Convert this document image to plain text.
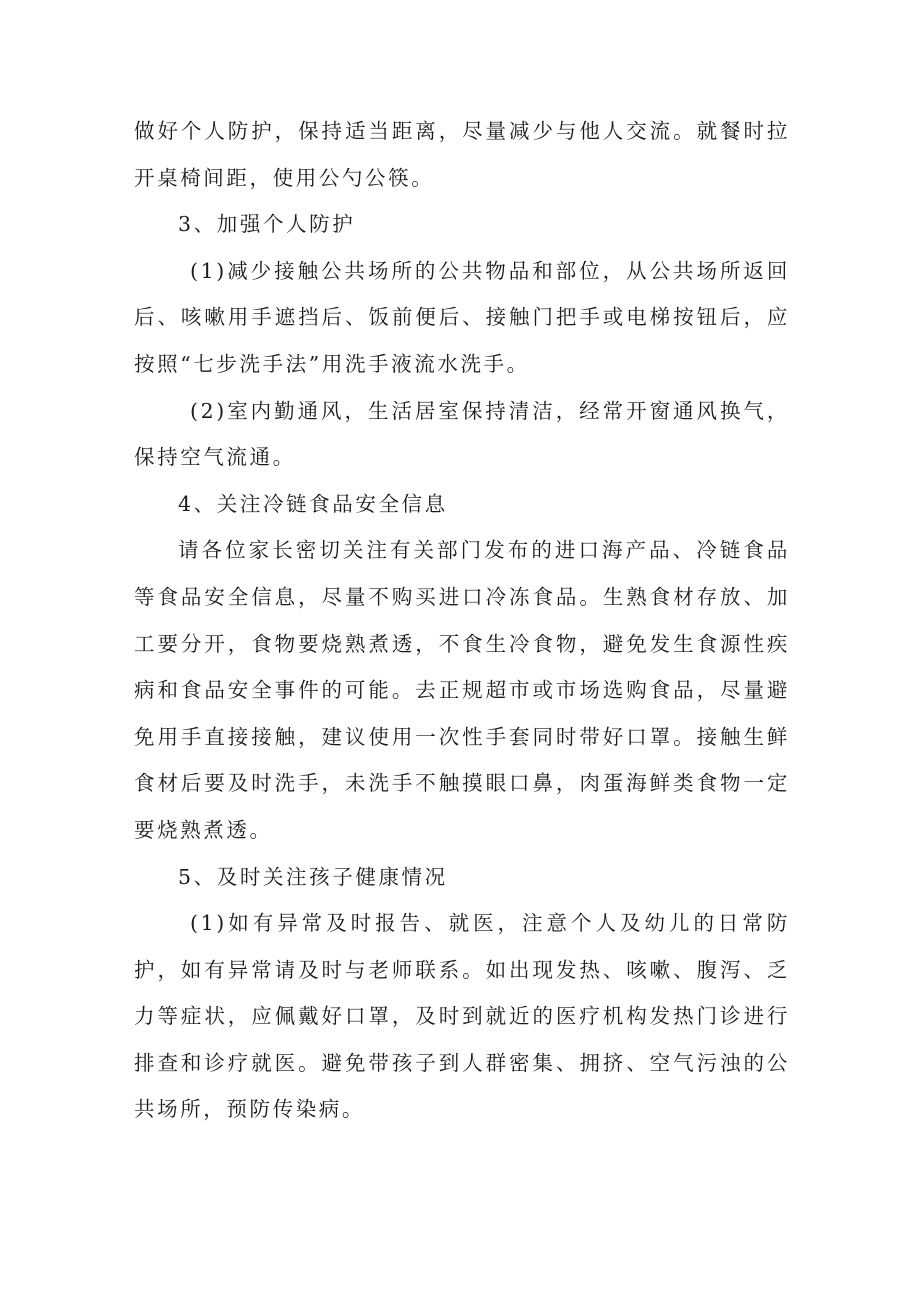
做好个人防护，保持适当距离，尽量减少与他人交流。就餐时拉开桌椅间距，使用公勺公筷。

3、加强个人防护

(1)减少接触公共场所的公共物品和部位，从公共场所返回后、咳嗽用手遮挡后、饭前便后、接触门把手或电梯按钮后，应按照“七步洗手法”用洗手液流水洗手。

(2)室内勤通风，生活居室保持清洁，经常开窗通风换气，保持空气流通。

4、关注冷链食品安全信息

请各位家长密切关注有关部门发布的进口海产品、冷链食品等食品安全信息，尽量不购买进口冷冻食品。生熟食材存放、加工要分开，食物要烧熟煮透，不食生冷食物，避免发生食源性疾病和食品安全事件的可能。去正规超市或市场选购食品，尽量避免用手直接接触，建议使用一次性手套同时带好口罩。接触生鲜食材后要及时洗手，未洗手不触摸眼口鼻，肉蛋海鲜类食物一定要烧熟煮透。

5、及时关注孩子健康情况

(1)如有异常及时报告、就医，注意个人及幼儿的日常防护，如有异常请及时与老师联系。如出现发热、咳嗽、腹泻、乏力等症状，应佩戴好口罩，及时到就近的医疗机构发热门诊进行排查和诊疗就医。避免带孩子到人群密集、拥挤、空气污浊的公共场所，预防传染病。
